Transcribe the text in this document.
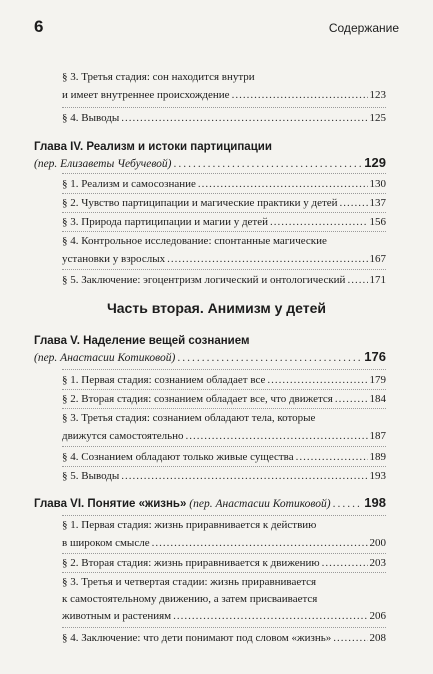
6	Содержание
§ 3. Третья стадия: сон находится внутри
и имеет внутреннее происхождение .....	123
§ 4. Выводы .....	125
Глава IV. Реализм и истоки партиципации
(пер. Елизаветы Чебучевой) .....	129
§ 1. Реализм и самосознание .....	130
§ 2. Чувство партиципации и магические практики у детей .....	137
§ 3. Природа партиципации и магии у детей .....	156
§ 4. Контрольное исследование: спонтанные магические
установки у взрослых .....	167
§ 5. Заключение: эгоцентризм логический и онтологический ..... 171
Часть вторая. Анимизм у детей
Глава V. Наделение вещей сознанием
(пер. Анастасии Котиковой) .....	176
§ 1. Первая стадия: сознанием обладает все .....	179
§ 2. Вторая стадия: сознанием обладает все, что движется .....	184
§ 3. Третья стадия: сознанием обладают тела, которые
движутся самостоятельно .....	187
§ 4. Сознанием обладают только живые существа .....	189
§ 5. Выводы .....	193
Глава VI. Понятие «жизнь» (пер. Анастасии Котиковой) .....	198
§ 1. Первая стадия: жизнь приравнивается к действию
в широком смысле .....	200
§ 2. Вторая стадия: жизнь приравнивается к движению .....	203
§ 3. Третья и четвертая стадии: жизнь приравнивается
к самостоятельному движению, а затем присваивается
животным и растениям .....	206
§ 4. Заключение: что дети понимают под словом «жизнь» .....	208
